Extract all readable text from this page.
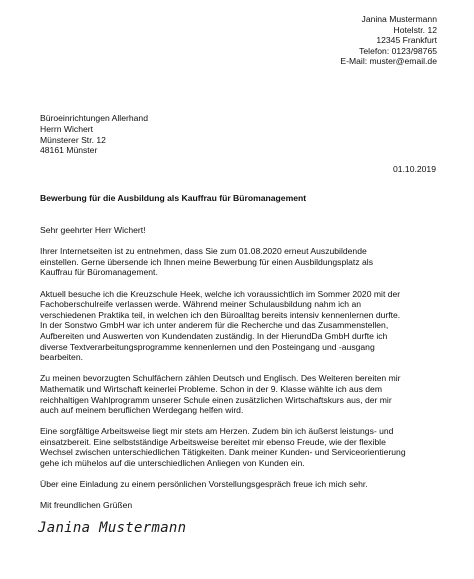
Janina Mustermann
Hotelstr. 12
12345 Frankfurt
Telefon: 0123/98765
E-Mail: muster@email.de
Büroeinrichtungen Allerhand
Herrn Wichert
Münsterer Str. 12
48161 Münster
01.10.2019
Bewerbung für die Ausbildung als Kauffrau für Büromanagement

Sehr geehrter Herr Wichert!

Ihrer Internetseiten ist zu entnehmen, dass Sie zum 01.08.2020 erneut Auszubildende
einstellen. Gerne übersende ich Ihnen meine Bewerbung für einen Ausbildungsplatz als
Kauffrau für Büromanagement.

Aktuell besuche ich die Kreuzschule Heek, welche ich voraussichtlich im Sommer 2020 mit der
Fachoberschulreife verlassen werde. Während meiner Schulausbildung nahm ich an
verschiedenen Praktika teil, in welchen ich den Büroalltag bereits intensiv kennenlernen durfte.
In der Sonstwo GmbH war ich unter anderem für die Recherche und das Zusammenstellen,
Aufbereiten und Auswerten von Kundendaten zuständig. In der HierundDa GmbH durfte ich
diverse Textverarbeitungsprogramme kennenlernen und den Posteingang und -ausgang
bearbeiten.

Zu meinen bevorzugten Schulfächern zählen Deutsch und Englisch. Des Weiteren bereiten mir
Mathematik und Wirtschaft keinerlei Probleme. Schon in der 9. Klasse wählte ich aus dem
reichhaltigen Wahlprogramm unserer Schule einen zusätzlichen Wirtschaftskurs aus, der mir
auch auf meinem beruflichen Werdegang helfen wird.

Eine sorgfältige Arbeitsweise liegt mir stets am Herzen. Zudem bin ich äußerst leistungs- und
einsatzbereit. Eine selbstständige Arbeitsweise bereitet mir ebenso Freude, wie der flexible
Wechsel zwischen unterschiedlichen Tätigkeiten. Dank meiner Kunden- und Serviceorientierung
gehe ich mühelos auf die unterschiedlichen Anliegen von Kunden ein.

Über eine Einladung zu einem persönlichen Vorstellungsgespräch freue ich mich sehr.

Mit freundlichen Grüßen

Janina Mustermann
